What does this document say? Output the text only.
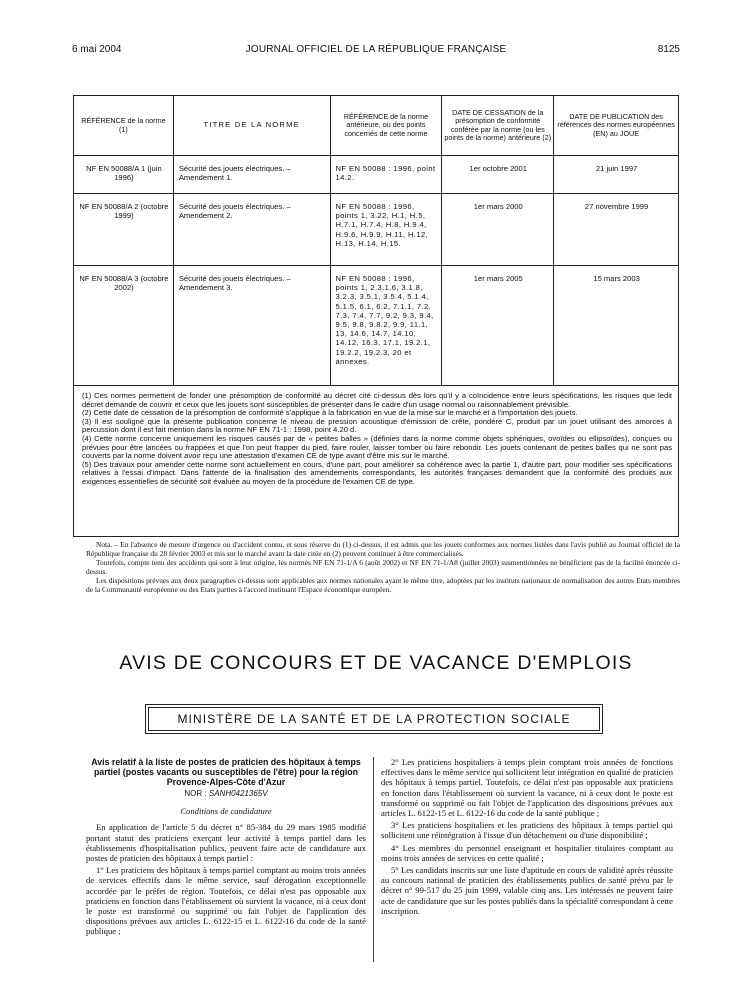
6 mai 2004	JOURNAL OFFICIEL DE LA RÉPUBLIQUE FRANÇAISE	8125
RÉFÉRENCE de la norme (1)	TITRE DE LA NORME	RÉFÉRENCE de la norme antérieure, ou des points concernés de cette norme	DATE DE CESSATION de la présomption de conformité conférée par la norme (ou les points de la norme) antérieure (2)	DATE DE PUBLICATION des références des normes européennes (EN) au JOUE
NF EN 50088/A 1 (juin 1996)	Sécurité des jouets électriques. – Amendement 1.	NF EN 50088 : 1996, point 14.2.	1er octobre 2001	21 juin 1997
NF EN 50088/A 2 (octobre 1999)	Sécurité des jouets électriques. – Amendement 2.	NF EN 50088 : 1996, points 1, 3.22, H.1, H.5, H.7.1, H.7.4, H.8, H.9.4, H.9.6, H.9.9, H.11, H.12, H.13, H.14, H.15.	1er mars 2000	27 novembre 1999
NF EN 50088/A 3 (octobre 2002)	Sécurité des jouets électriques. – Amendement 3.	NF EN 50088 : 1996, points 1, 2.3.1.6, 3.1.8, 3.2.3, 3.5.1, 3.5.4, 5.1.4, 5.1.5, 6.1, 6.2, 7.1.1, 7.2, 7.3, 7.4, 7.7, 9.2, 9.3, 9.4, 9.5, 9.8, 9.8.2, 9.9, 11.1, 13, 14.6, 14.7, 14.10, 14.12, 16.3, 17.1, 19.2.1, 19.2.2, 19.2.3, 20 et annexes.	1er mars 2005	15 mars 2003

(1) Ces normes permettent de fonder une présomption de conformité au décret cité ci-dessus dès lors qu'il y a coïncidence entre leurs spécifications, les risques que ledit décret demande de couvrir et ceux que les jouets sont susceptibles de présenter dans le cadre d'un usage normal ou raisonnablement prévisible.

(2) Cette date de cessation de la présomption de conformité s'applique à la fabrication en vue de la mise sur le marché et à l'importation des jouets.

(3) Il est souligné que la présente publication concerne le niveau de pression acoustique d'émission de crête, pondéré C, produit par un jouet utilisant des amorces à percussion dont il est fait mention dans la norme NF EN 71-1 : 1998, point 4.20 d.

(4) Cette norme concerne uniquement les risques causés par de « petites balles » (définies dans la norme comme objets sphériques, ovoïdes ou ellipsoïdes), conçues ou prévues pour être lancées ou frappées et que l'on peut frapper du pied, faire rouler, laisser tomber ou faire rebondir. Les jouets contenant de petites balles qui ne sont pas couverts par la norme doivent avoir reçu une attestation d'examen CE de type avant d'être mis sur le marché.

(5) Des travaux pour amender cette norme sont actuellement en cours, d'une part, pour améliorer sa cohérence avec la partie 1, d'autre part, pour modifier ses spécifications relatives à l'essai d'impact. Dans l'attente de la finalisation des amendements correspondants, les autorités françaises demandent que la conformité des produits aux exigences essentielles de sécurité soit évaluée au moyen de la procédure de l'examen CE de type.				

Nota. – En l'absence de mesure d'urgence ou d'accident connu, et sous réserve du (1) ci-dessus, il est admis que les jouets conformes aux normes listées dans l'avis publié au Journal officiel de la République française du 28 février 2003 et mis sur le marché avant la date citée en (2) peuvent continuer à être commercialisés.

Toutefois, compte tenu des accidents qui sont à leur origine, les normes NF EN 71-1/A 6 (août 2002) et NF EN 71-1/A8 (juillet 2003) susmentionnées ne bénéficient pas de la facilité énoncée ci-dessus.

Les dispositions prévues aux deux paragraphes ci-dessus sont applicables aux normes nationales ayant le même titre, adoptées par les instituts nationaux de normalisation des autres Etats membres de la Communauté européenne ou des Etats parties à l'accord instituant l'Espace économique européen.

AVIS DE CONCOURS ET DE VACANCE D'EMPLOIS
MINISTÈRE DE LA SANTÉ ET DE LA PROTECTION SOCIALE
Avis relatif à la liste de postes de praticien des hôpitaux à temps partiel (postes vacants ou susceptibles de l'être) pour la région Provence-Alpes-Côte d'Azur
NOR : SANH0421365V
Conditions de candidature

En application de l'article 5 du décret n° 85-384 du 29 mars 1985 modifié portant statut des praticiens exerçant leur activité à temps partiel dans les établissements d'hospitalisation publics, peuvent faire acte de candidature aux postes de praticien des hôpitaux à temps partiel :

1° Les praticiens des hôpitaux à temps partiel comptant au moins trois années de services effectifs dans le même service, sauf dérogation exceptionnelle accordée par le préfet de région. Toutefois, ce délai n'est pas opposable aux praticiens en fonction dans l'établissement où survient la vacance, ni à ceux dont le poste est transformé ou supprimé ou fait l'objet de l'application des dispositions prévues aux articles L. 6122-15 et L. 6122-16 du code de la santé publique ;

2° Les praticiens hospitaliers à temps plein comptant trois années de fonctions effectives dans le même service qui sollicitent leur intégration en qualité de praticien des hôpitaux à temps partiel. Toutefois, ce délai n'est pas opposable aux praticiens en fonction dans l'établissement où survient la vacance, ni à ceux dont le poste est transformé ou supprimé ou fait l'objet de l'application des dispositions prévues aux articles L. 6122-15 et L. 6122-16 du code de la santé publique ;

3° Les praticiens hospitaliers et les praticiens des hôpitaux à temps partiel qui sollicitent une réintégration à l'issue d'un détachement ou d'une disponibilité ;

4° Les membres du personnel enseignant et hospitalier titulaires comptant au moins trois années de services en cette qualité ;

5° Les candidats inscrits sur une liste d'aptitude en cours de validité après réussite au concours national de praticien des établissements publics de santé prévu par le décret n° 99-517 du 25 juin 1999, valable cinq ans. Les intéressés ne peuvent faire acte de candidature que sur les postes publiés dans la spécialité correspondant à cette inscription.
